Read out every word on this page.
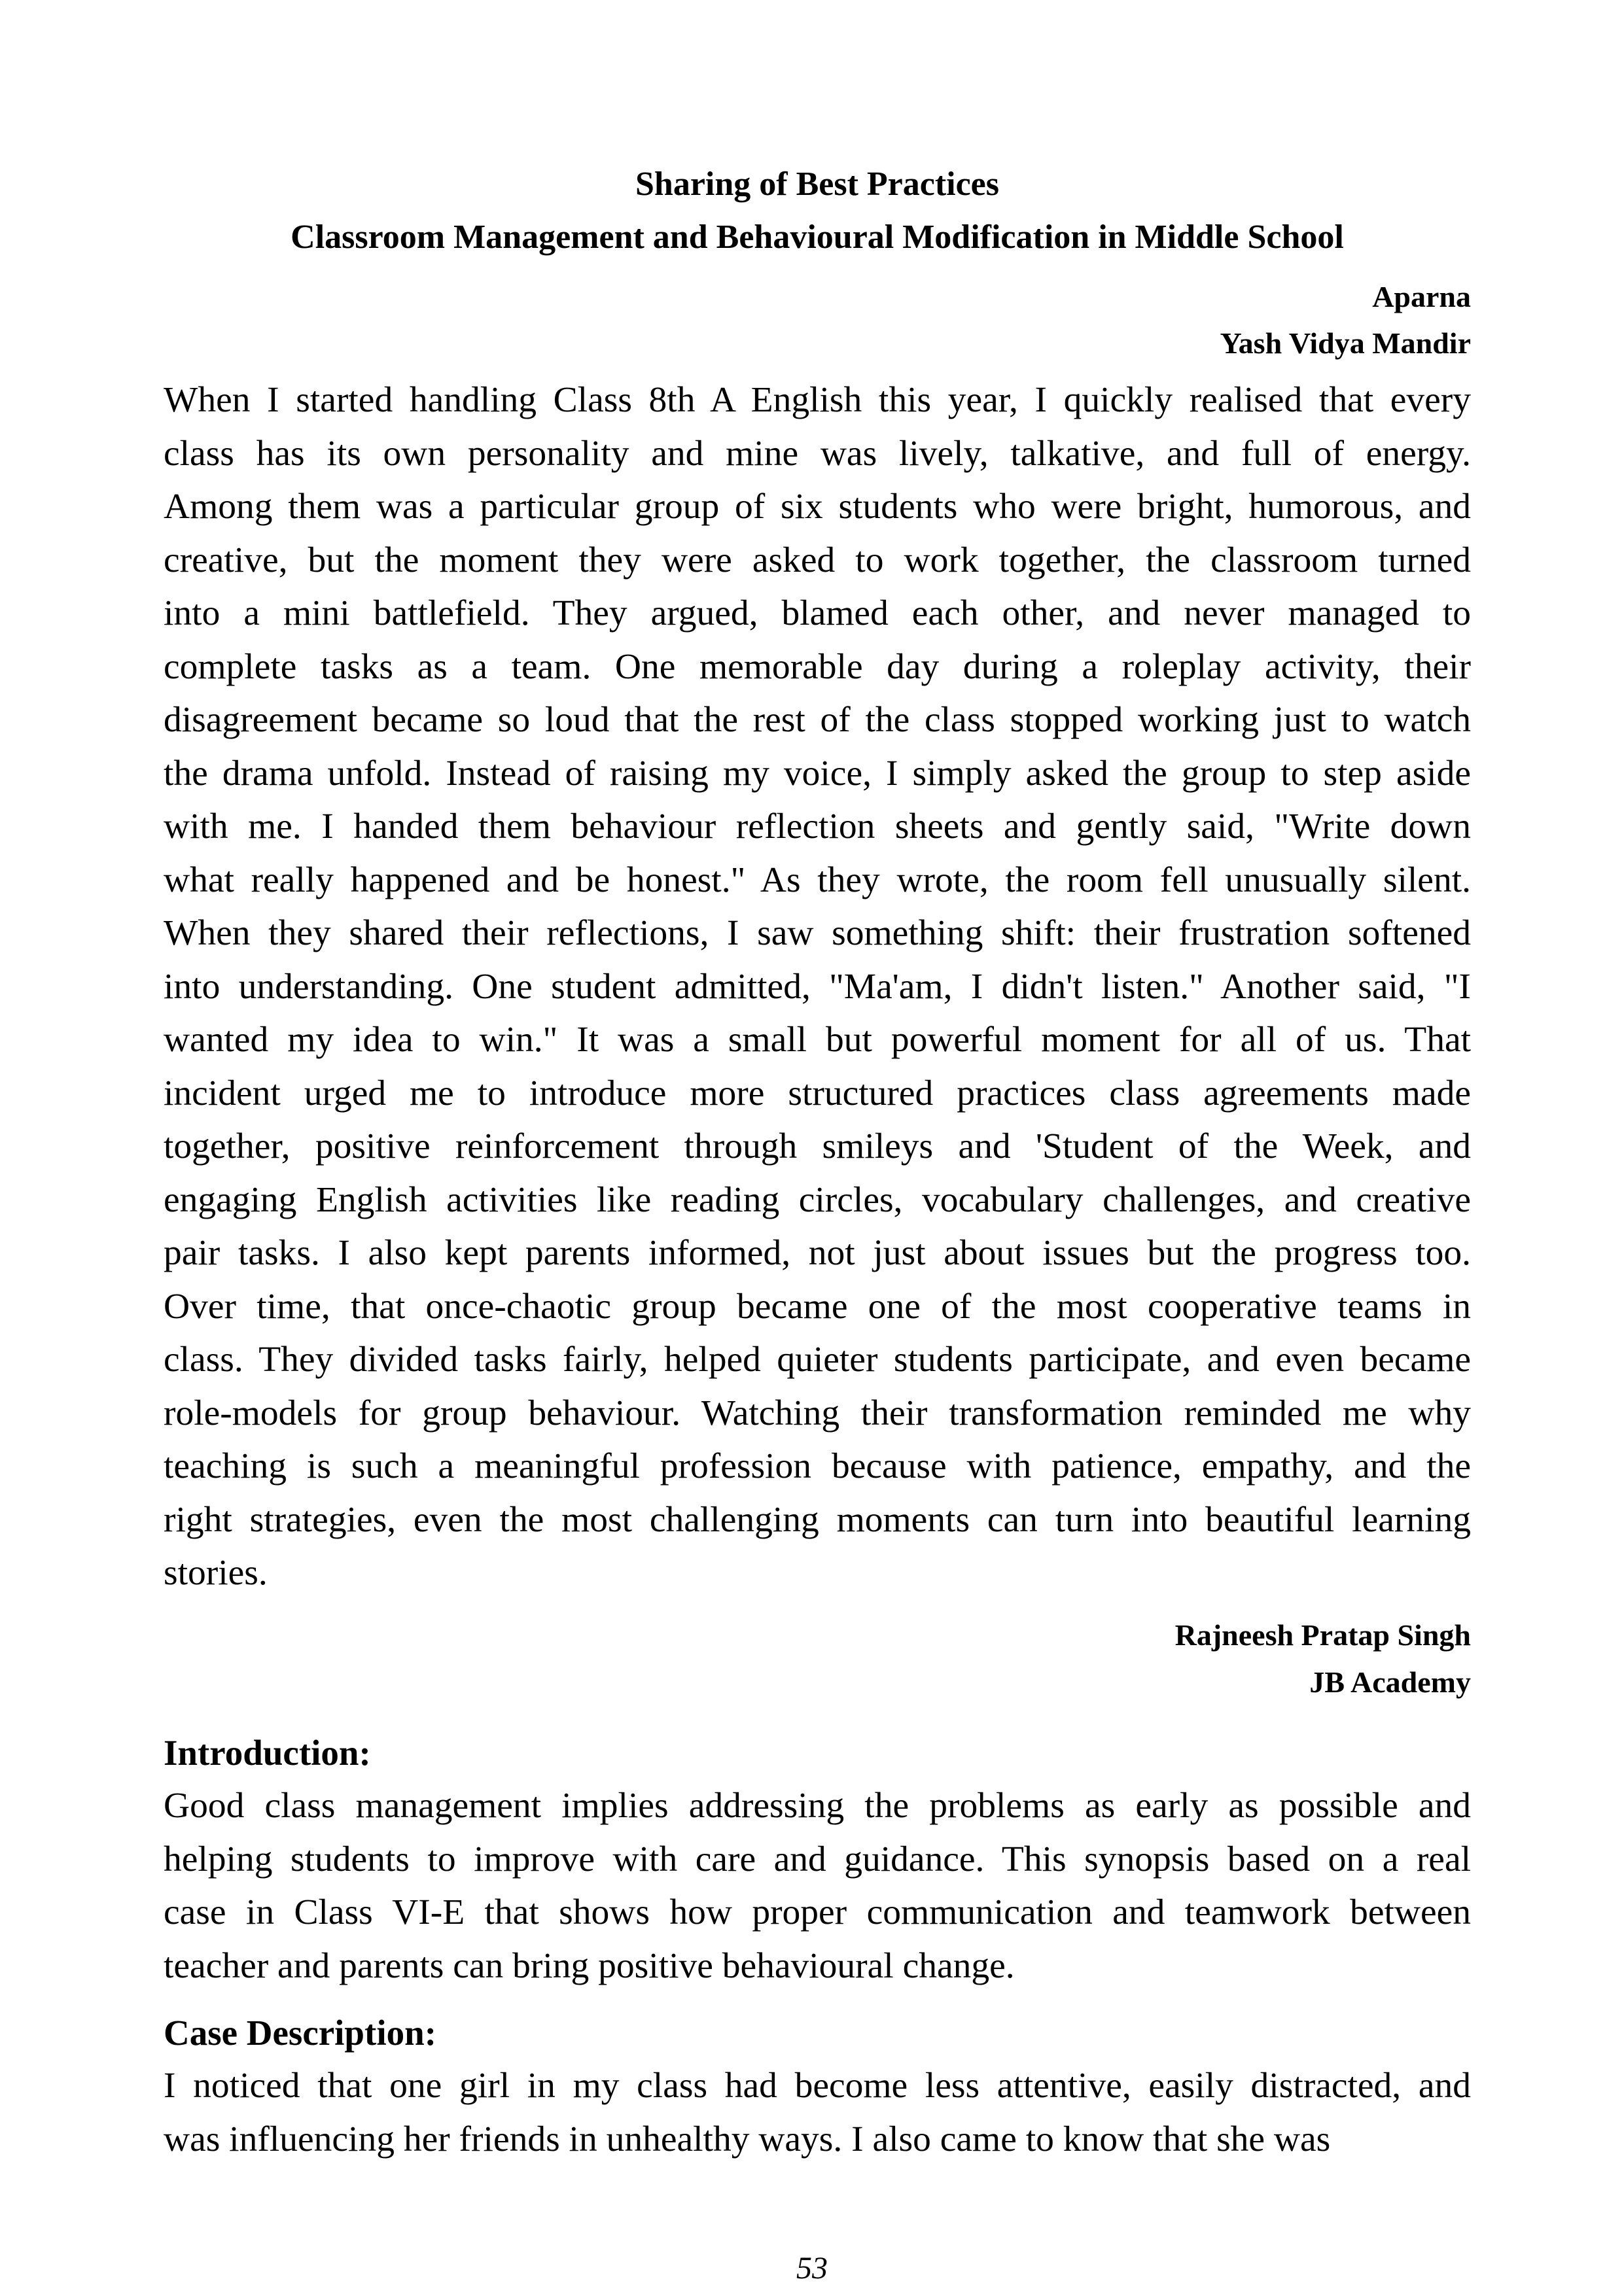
Sharing of Best Practices
Classroom Management and Behavioural Modification in Middle School
Aparna
Yash Vidya Mandir
When I started handling Class 8th A English this year, I quickly realised that every
class has its own personality and mine was lively, talkative, and full of energy.
Among them was a particular group of six students who were bright, humorous, and
creative, but the moment they were asked to work together, the classroom turned
into a mini battlefield. They argued, blamed each other, and never managed to
complete tasks as a team. One memorable day during a roleplay activity, their
disagreement became so loud that the rest of the class stopped working just to watch
the drama unfold. Instead of raising my voice, I simply asked the group to step aside
with me. I handed them behaviour reflection sheets and gently said, "Write down
what really happened and be honest." As they wrote, the room fell unusually silent.
When they shared their reflections, I saw something shift: their frustration softened
into understanding. One student admitted, "Ma'am, I didn't listen." Another said, "I
wanted my idea to win." It was a small but powerful moment for all of us. That
incident urged me to introduce more structured practices class agreements made
together, positive reinforcement through smileys and 'Student of the Week, and
engaging English activities like reading circles, vocabulary challenges, and creative
pair tasks. I also kept parents informed, not just about issues but the progress too.
Over time, that once-chaotic group became one of the most cooperative teams in
class. They divided tasks fairly, helped quieter students participate, and even became
role-models for group behaviour. Watching their transformation reminded me why
teaching is such a meaningful profession because with patience, empathy, and the
right strategies, even the most challenging moments can turn into beautiful learning
stories.
Rajneesh Pratap Singh
JB Academy
Introduction:
Good class management implies addressing the problems as early as possible and
helping students to improve with care and guidance. This synopsis based on a real
case in Class VI-E that shows how proper communication and teamwork between
teacher and parents can bring positive behavioural change.
Case Description:
I noticed that one girl in my class had become less attentive, easily distracted, and
was influencing her friends in unhealthy ways. I also came to know that she was
53
